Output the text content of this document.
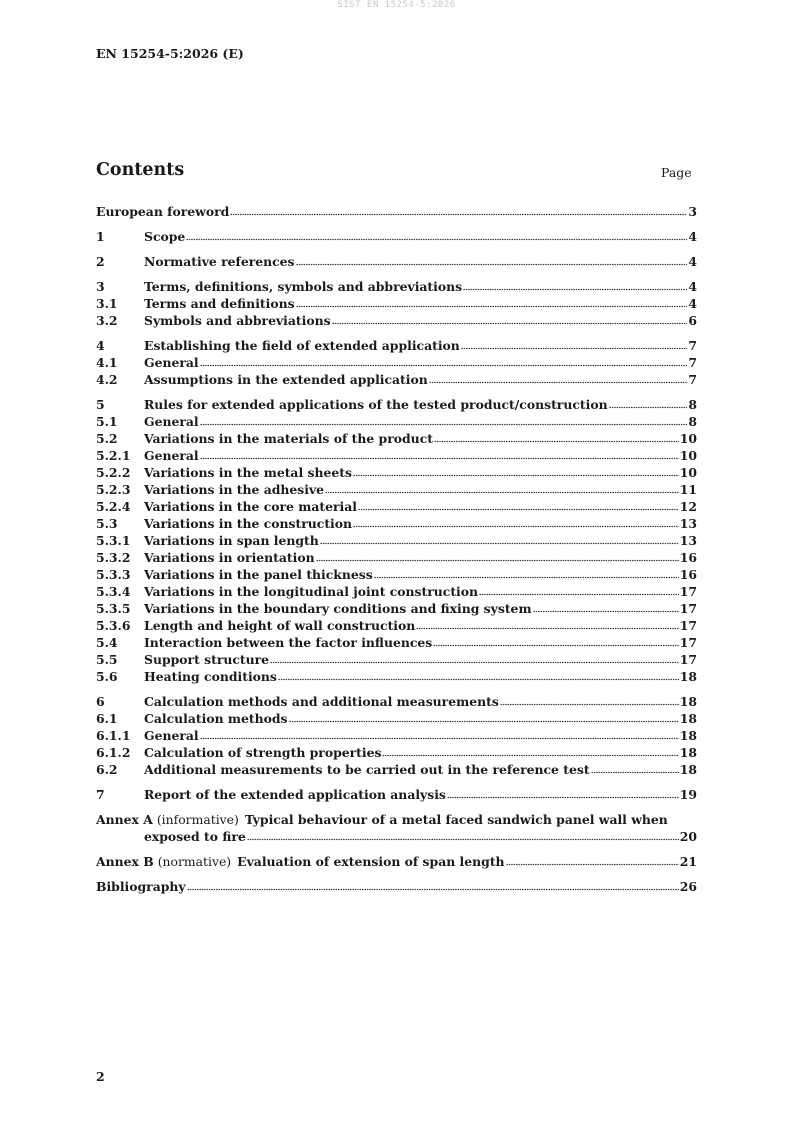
SIST EN 15254-5:2026
EN 15254-5:2026 (E)
Contents	Page
European foreword	3
1	Scope	4
2	Normative references	4
3	Terms, definitions, symbols and abbreviations	4
3.1	Terms and definitions	4
3.2	Symbols and abbreviations	6
4	Establishing the field of extended application	7
4.1	General	7
4.2	Assumptions in the extended application	7
5	Rules for extended applications of the tested product/construction	8
5.1	General	8
5.2	Variations in the materials of the product	10
5.2.1	General	10
5.2.2	Variations in the metal sheets	10
5.2.3	Variations in the adhesive	11
5.2.4	Variations in the core material	12
5.3	Variations in the construction	13
5.3.1	Variations in span length	13
5.3.2	Variations in orientation	16
5.3.3	Variations in the panel thickness	16
5.3.4	Variations in the longitudinal joint construction	17
5.3.5	Variations in the boundary conditions and fixing system	17
5.3.6	Length and height of wall construction	17
5.4	Interaction between the factor influences	17
5.5	Support structure	17
5.6	Heating conditions	18
6	Calculation methods and additional measurements	18
6.1	Calculation methods	18
6.1.1	General	18
6.1.2	Calculation of strength properties	18
6.2	Additional measurements to be carried out in the reference test	18
7	Report of the extended application analysis	19
Annex A (informative) Typical behaviour of a metal faced sandwich panel wall when
exposed to fire	20
Annex B (normative) Evaluation of extension of span length	21
Bibliography	26
2
